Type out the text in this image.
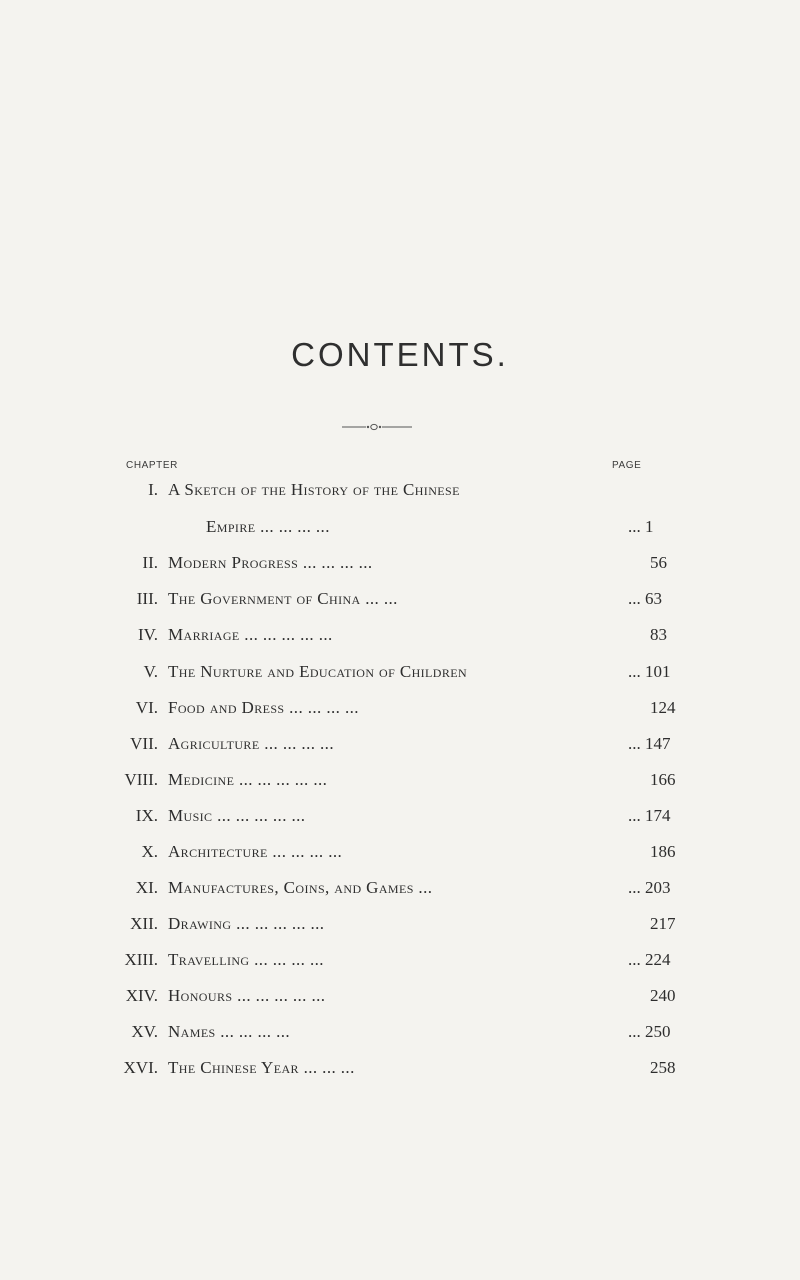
CONTENTS.
CHAPTER	PAGE
I. A Sketch of the History of the Chinese
Empire ... ... ... ...	... 1
II. Modern Progress ... ... ... ...	56
III. The Government of China ... ...	... 63
IV. Marriage ... ... ... ... ...	83
V. The Nurture and Education of Children	... 101
VI. Food and Dress ... ... ... ...	124
VII. Agriculture ... ... ... ...	... 147
VIII. Medicine ... ... ... ... ...	166
IX. Music ... ... ... ... ...	... 174
X. Architecture ... ... ... ...	186
XI. Manufactures, Coins, and Games ...	... 203
XII. Drawing ... ... ... ... ...	217
XIII. Travelling ... ... ... ...	... 224
XIV. Honours ... ... ... ... ...	240
XV. Names ... ... ... ...	... 250
XVI. The Chinese Year ... ... ...	258
